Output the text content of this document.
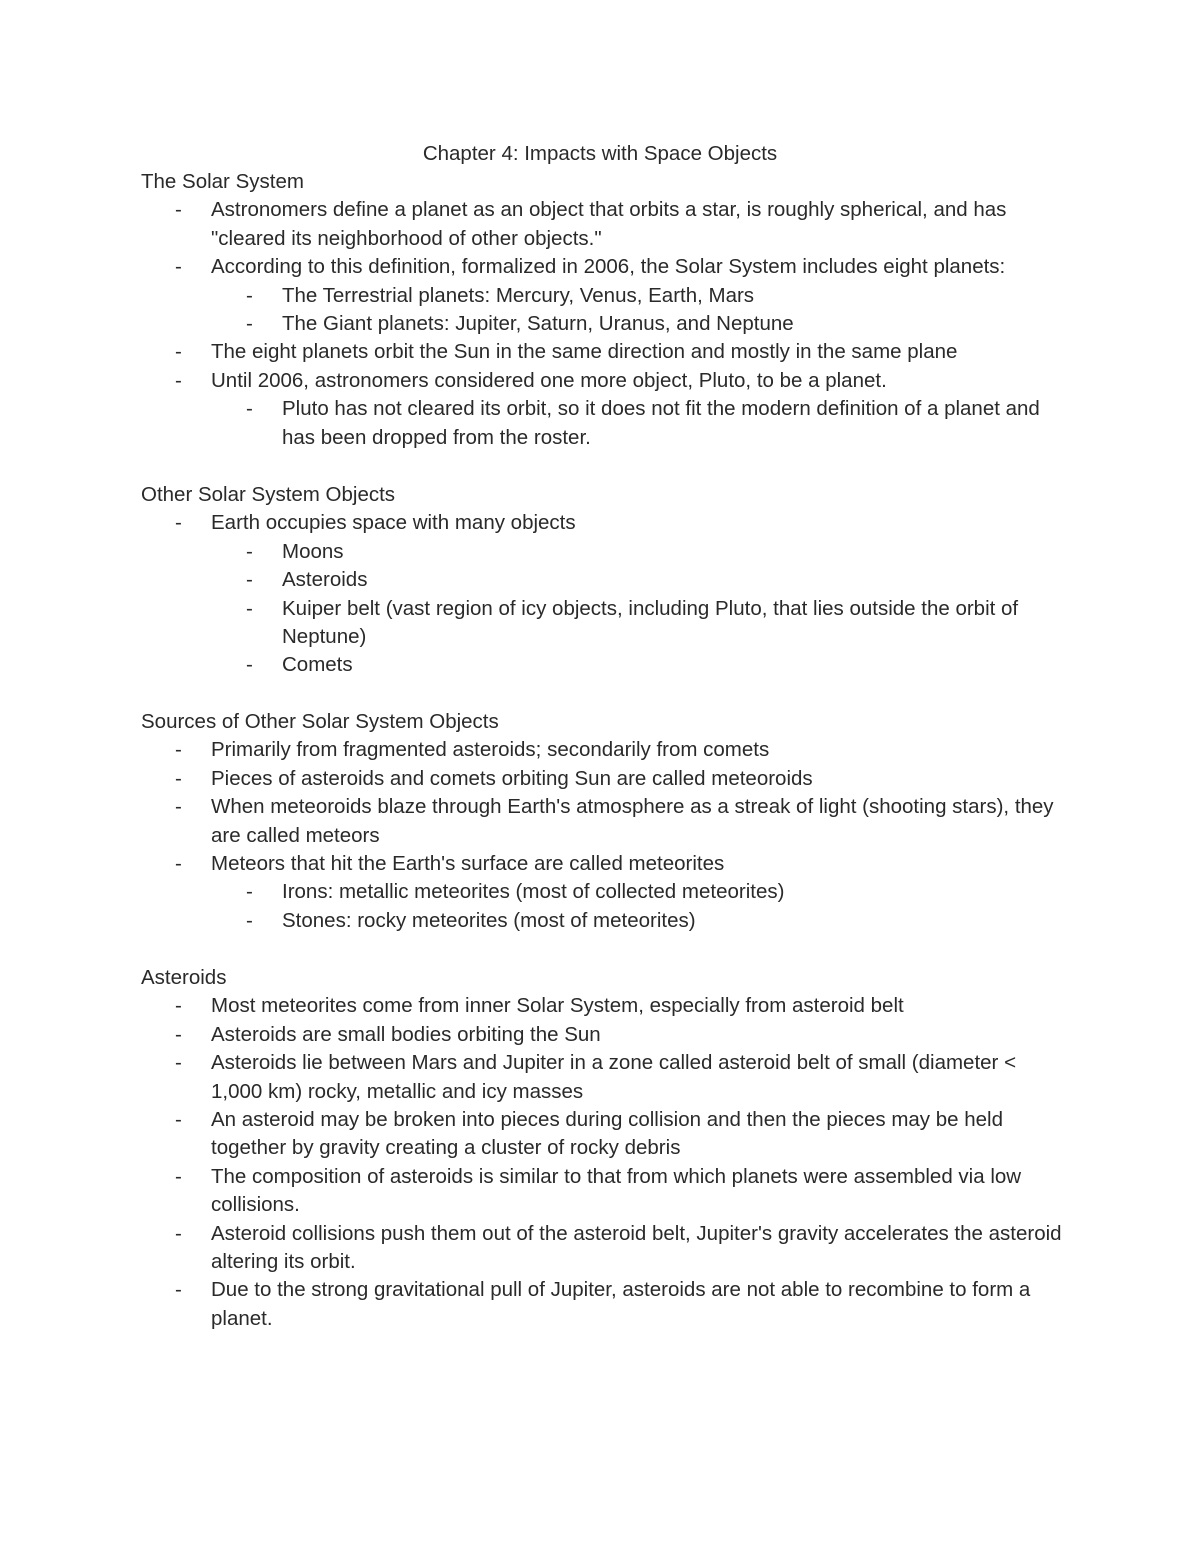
Chapter 4: Impacts with Space Objects
The Solar System
- Astronomers define a planet as an object that orbits a star, is roughly spherical, and has "cleared its neighborhood of other objects."
- According to this definition, formalized in 2006, the Solar System includes eight planets:
- The Terrestrial planets: Mercury, Venus, Earth, Mars
- The Giant planets: Jupiter, Saturn, Uranus, and Neptune
- The eight planets orbit the Sun in the same direction and mostly in the same plane
- Until 2006, astronomers considered one more object, Pluto, to be a planet.
- Pluto has not cleared its orbit, so it does not fit the modern definition of a planet and has been dropped from the roster.
Other Solar System Objects
- Earth occupies space with many objects
- Moons
- Asteroids
- Kuiper belt (vast region of icy objects, including Pluto, that lies outside the orbit of Neptune)
- Comets
Sources of Other Solar System Objects
- Primarily from fragmented asteroids; secondarily from comets
- Pieces of asteroids and comets orbiting Sun are called meteoroids
- When meteoroids blaze through Earth's atmosphere as a streak of light (shooting stars), they are called meteors
- Meteors that hit the Earth's surface are called meteorites
- Irons: metallic meteorites (most of collected meteorites)
- Stones: rocky meteorites (most of meteorites)
Asteroids
- Most meteorites come from inner Solar System, especially from asteroid belt
- Asteroids are small bodies orbiting the Sun
- Asteroids lie between Mars and Jupiter in a zone called asteroid belt of small (diameter < 1,000 km) rocky, metallic and icy masses
- An asteroid may be broken into pieces during collision and then the pieces may be held together by gravity creating a cluster of rocky debris
- The composition of asteroids is similar to that from which planets were assembled via low collisions.
- Asteroid collisions push them out of the asteroid belt, Jupiter's gravity accelerates the asteroid altering its orbit.
- Due to the strong gravitational pull of Jupiter, asteroids are not able to recombine to form a planet.
